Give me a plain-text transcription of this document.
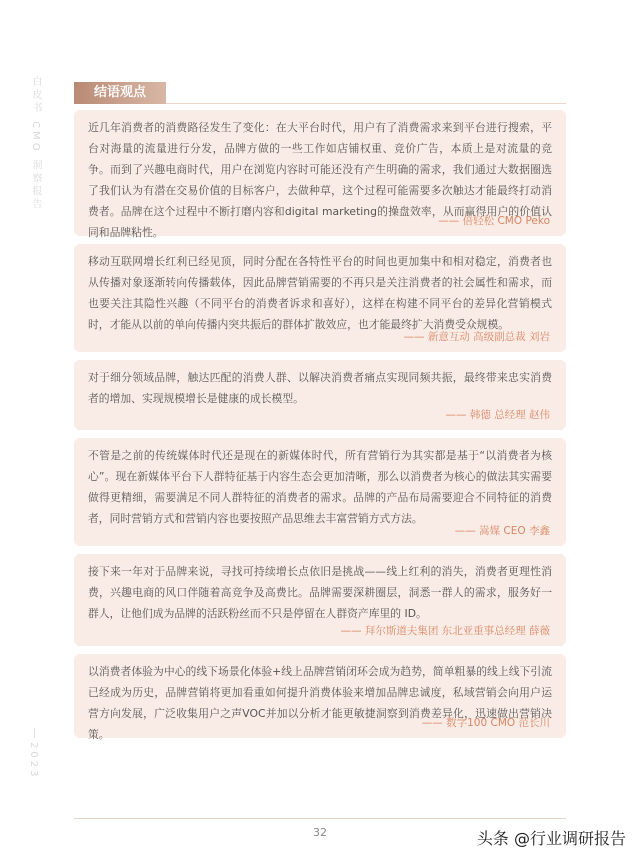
白皮书 CMO 洞察报告
2023
结语观点

近几年消费者的消费路径发生了变化：在大平台时代，用户有了消费需求来到平台进行搜索，平台对海量的流量进行分发，品牌方做的一些工作如店铺权重、竞价广告，本质上是对流量的竞争。而到了兴趣电商时代，用户在浏览内容时可能还没有产生明确的需求，我们通过大数据圈选了我们认为有潜在交易价值的目标客户，去做种草，这个过程可能需要多次触达才能最终打动消费者。品牌在这个过程中不断打磨内容和digital marketing的操盘效率，从而赢得用户的价值认同和品牌粘性。

—— 倍轻松 CMO Peko

移动互联网增长红利已经见顶，同时分配在各特性平台的时间也更加集中和相对稳定，消费者也从传播对象逐渐转向传播载体，因此品牌营销需要的不再只是关注消费者的社会属性和需求，而也要关注其隐性兴趣（不同平台的消费者诉求和喜好），这样在构建不同平台的差异化营销模式时，才能从以前的单向传播内突共振后的群体扩散效应，也才能最终扩大消费受众规模。

—— 新意互动 高级副总裁 刘岩

对于细分领域品牌，触达匹配的消费人群、以解决消费者痛点实现同频共振，最终带来忠实消费者的增加、实现规模增长是健康的成长模型。

—— 韩德 总经理 赵伟

不管是之前的传统媒体时代还是现在的新媒体时代，所有营销行为其实都是基于“以消费者为核心”。现在新媒体平台下人群特征基于内容生态会更加清晰，那么以消费者为核心的做法其实需要做得更精细，需要满足不同人群特征的消费者的需求。品牌的产品布局需要迎合不同特征的消费者，同时营销方式和营销内容也要按照产品思维去丰富营销方式方法。

—— 嵩媒 CEO 李鑫

接下来一年对于品牌来说，寻找可持续增长点依旧是挑战——线上红利的消失，消费者更理性消费，兴趣电商的风口伴随着高竞争及高费比。品牌需要深耕圈层，洞悉一群人的需求，服务好一群人，让他们成为品牌的活跃粉丝而不只是停留在人群资产库里的 ID。

—— 拜尔斯道夫集团 东北亚重事总经理 薛薇

以消费者体验为中心的线下场景化体验+线上品牌营销闭环会成为趋势，简单粗暴的线上线下引流已经成为历史，品牌营销将更加看重如何提升消费体验来增加品牌忠诚度，私域营销会向用户运营方向发展，广泛收集用户之声VOC并加以分析才能更敏捷洞察到消费差异化，迅速做出营销决策。

—— 数字100 CMO 范长川
32	头条 @行业调研报告
